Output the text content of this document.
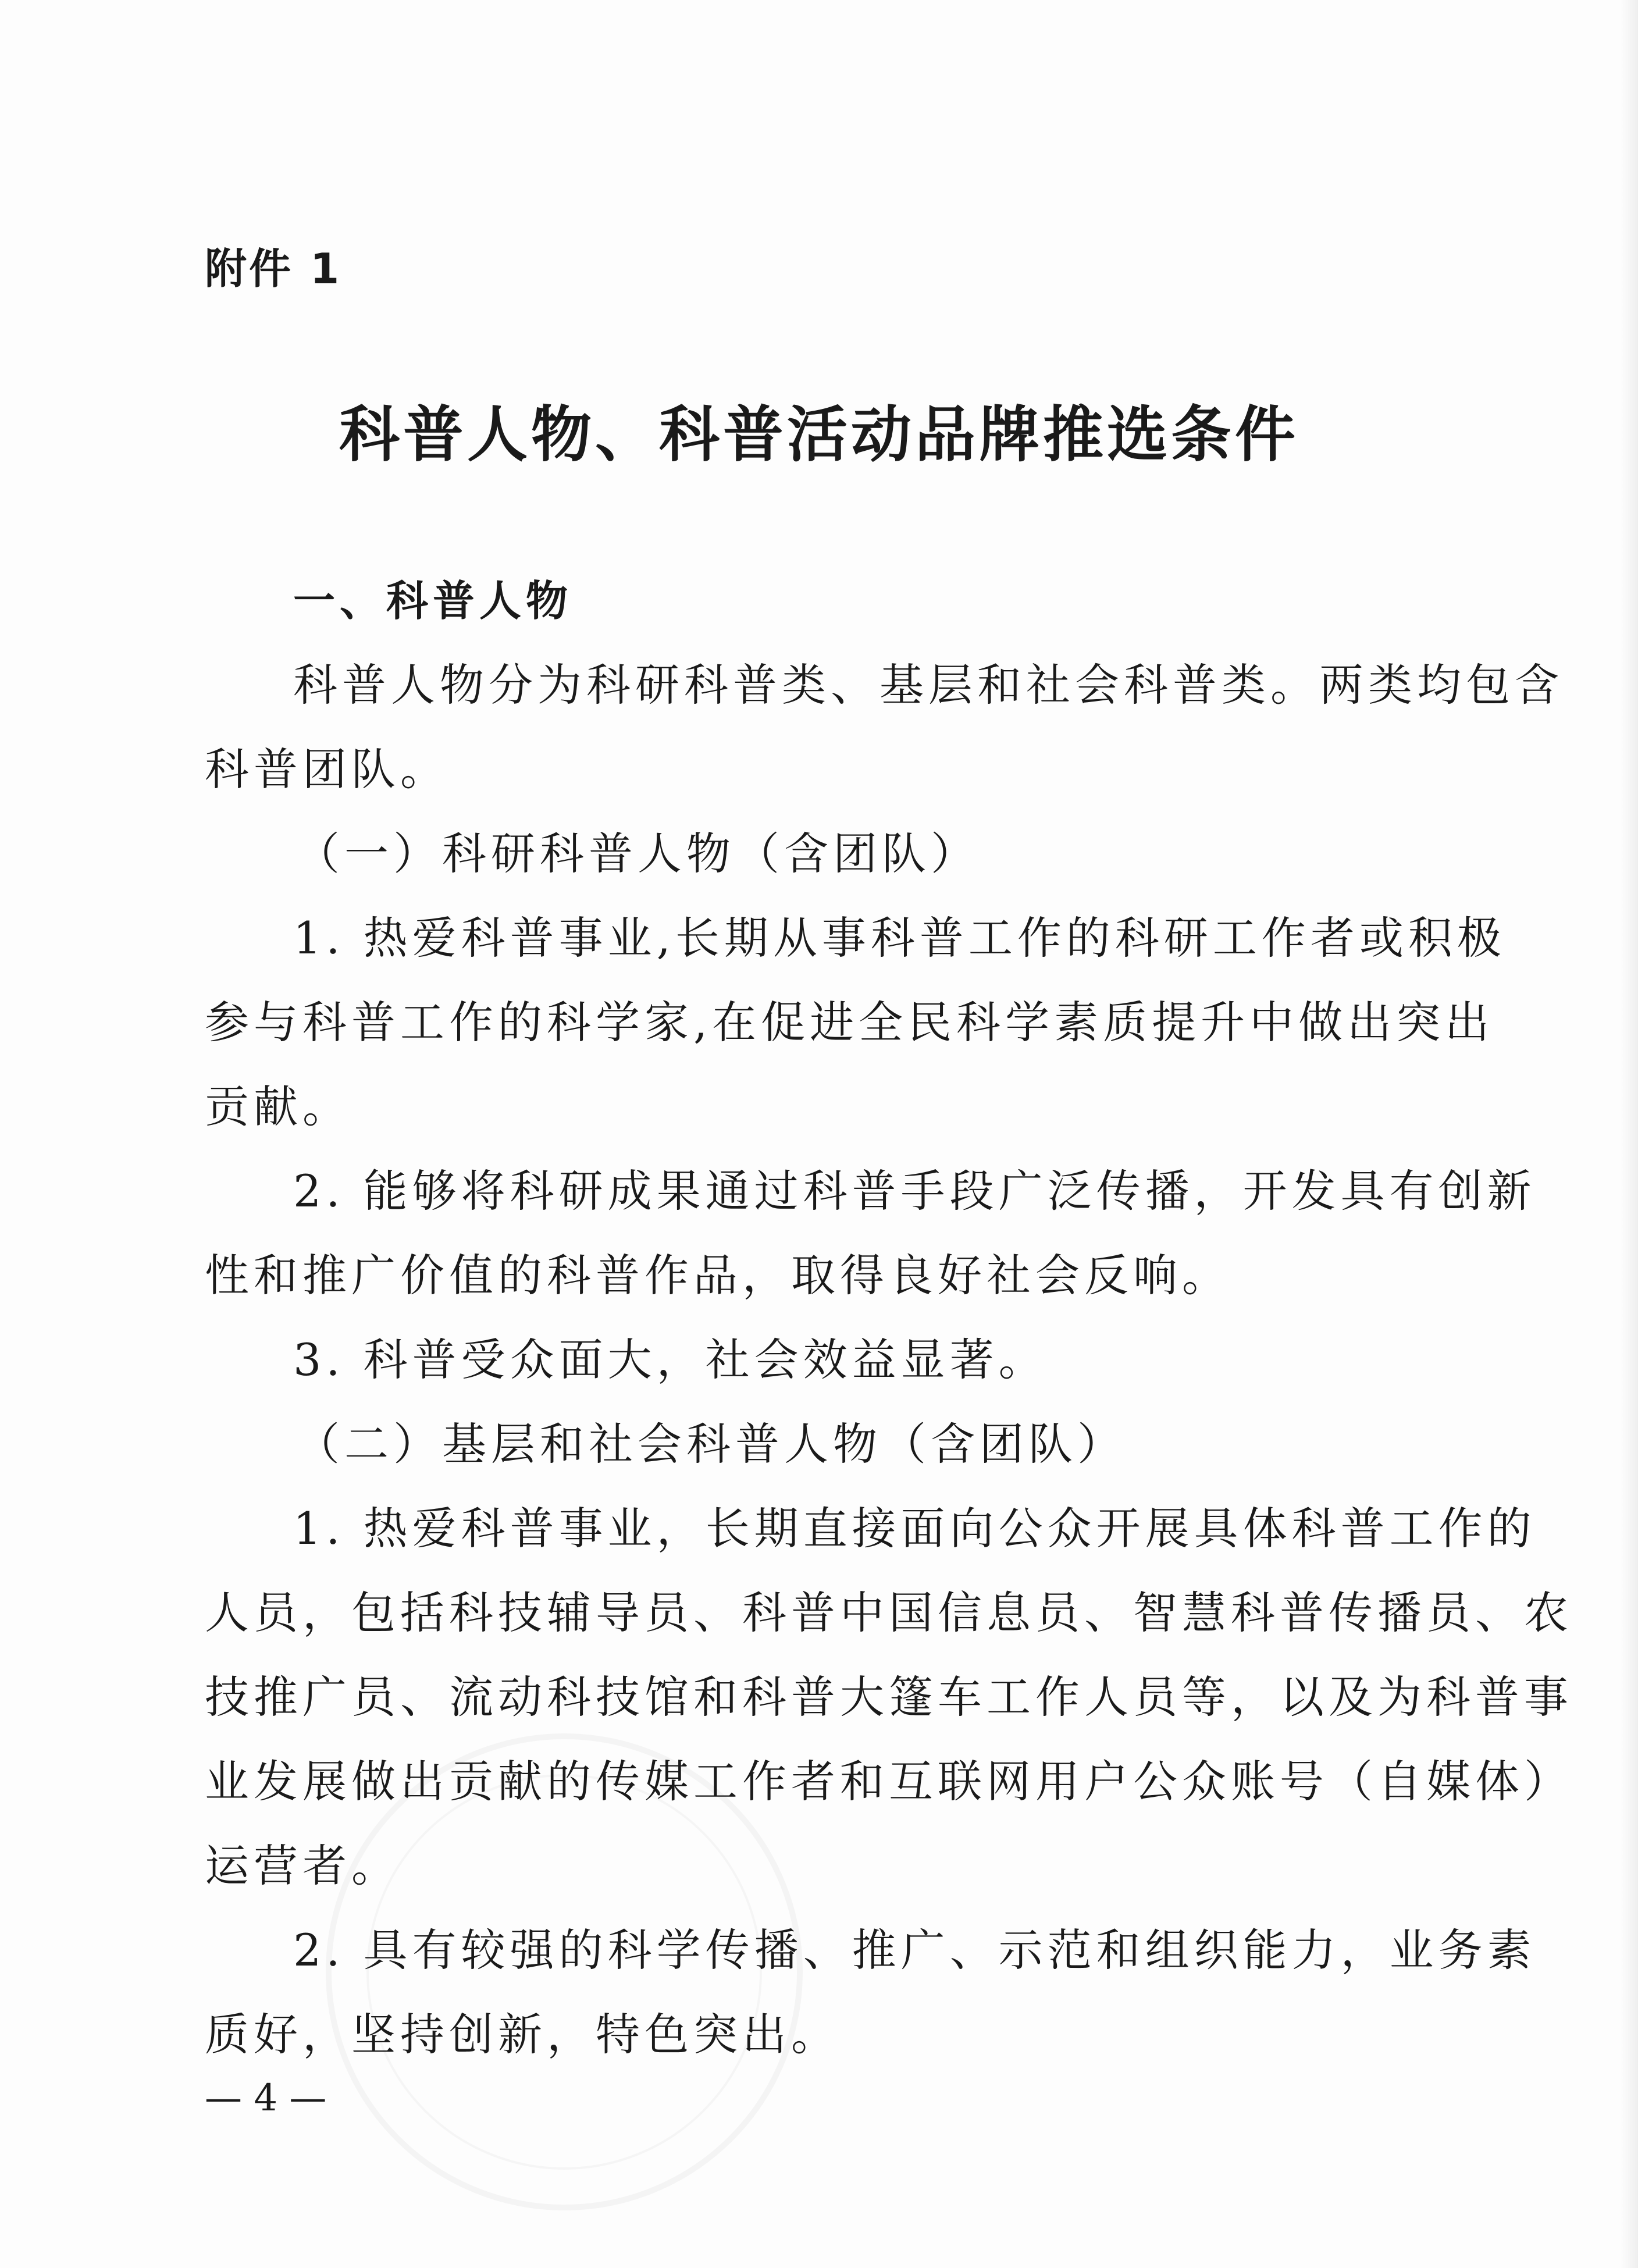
附件 1
科普人物、科普活动品牌推选条件
一、科普人物
科普人物分为科研科普类、基层和社会科普类。两类均包含
科普团队。
（一）科研科普人物（含团队）
1. 热爱科普事业,长期从事科普工作的科研工作者或积极
参与科普工作的科学家,在促进全民科学素质提升中做出突出
贡献。
2. 能够将科研成果通过科普手段广泛传播，开发具有创新
性和推广价值的科普作品，取得良好社会反响。
3. 科普受众面大，社会效益显著。
（二）基层和社会科普人物（含团队）
1. 热爱科普事业，长期直接面向公众开展具体科普工作的
人员，包括科技辅导员、科普中国信息员、智慧科普传播员、农
技推广员、流动科技馆和科普大篷车工作人员等，以及为科普事
业发展做出贡献的传媒工作者和互联网用户公众账号（自媒体）
运营者。
2. 具有较强的科学传播、推广、示范和组织能力，业务素
质好，坚持创新，特色突出。
— 4 —
